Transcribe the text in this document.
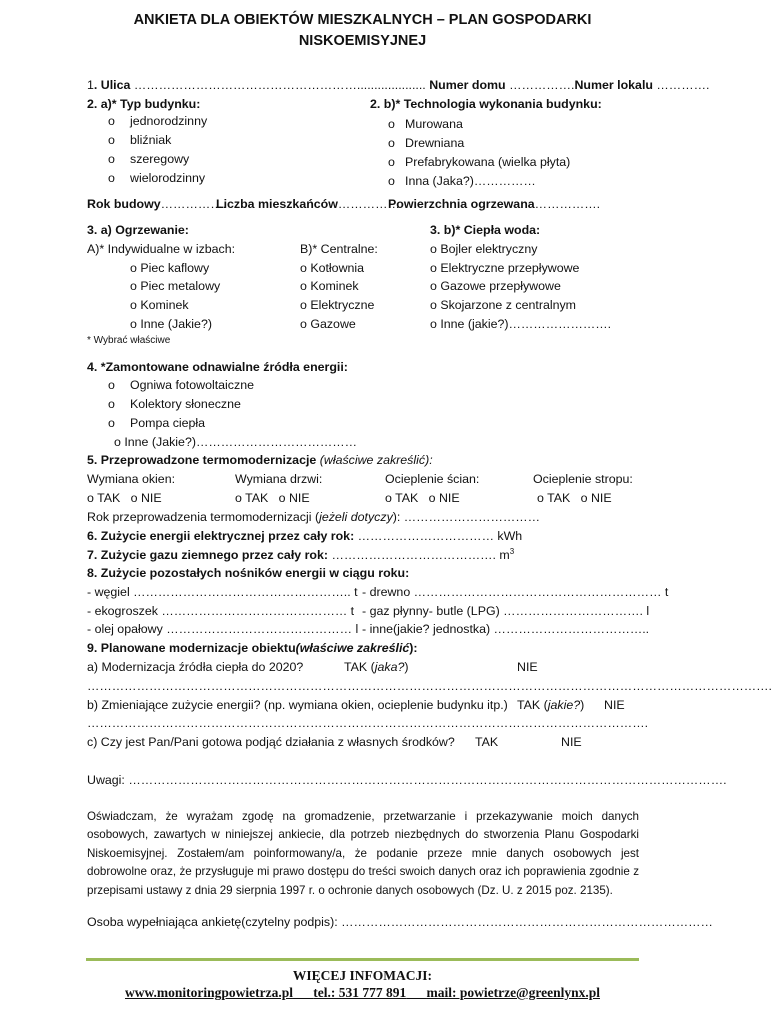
ANKIETA DLA OBIEKTÓW MIESZKALNYCH – PLAN GOSPODARKI
NISKOEMISYJNEJ
1. Ulica ……………………………………………….................... Numer domu …………….Numer lokalu ………….
2. a)* Typ budynku:
o jednorodzinny
o bliźniak
o szeregowy
o wielorodzinny
2. b)* Technologia wykonania budynku:
o Murowana
o Drewniana
o Prefabrykowana (wielka płyta)
o Inna (Jaka?)……………
Rok budowy…………….
Liczba mieszkańców……………
Powierzchnia ogrzewana…………….
3. a) Ogrzewanie:
A)* Indywidualne w izbach:
o Piec kaflowy
o Piec metalowy
o Kominek
o Inne (Jakie?)
B)* Centralne:
o Kotłownia
o Kominek
o Elektryczne
o Gazowe
* Wybrać właściwe
3. b)* Ciepła woda:
o Bojler elektryczny
o Elektryczne przepływowe
o Gazowe przepływowe
o Skojarzone z centralnym
o Inne (jakie?)…………………….
4. *Zamontowane odnawialne źródła energii:
o Ogniwa fotowoltaiczne
o Kolektory słoneczne
o Pompa ciepła
o Inne (Jakie?)…………………………………
5. Przeprowadzone termomodernizacje (właściwe zakreślić):
Wymiana okien:	Wymiana drzwi:	Ocieplenie ścian:	Ocieplenie stropu:
o TAK   o NIE	o TAK   o NIE	o TAK   o NIE	o TAK   o NIE
Rok przeprowadzenia termomodernizacji (jeżeli dotyczy): ……………………………
6. Zużycie energii elektrycznej przez cały rok: …………………………… kWh
7. Zużycie gazu ziemnego przez cały rok: …………………………………. $m^3$
8. Zużycie pozostałych nośników energii w ciągu roku:
- węgiel …………………………………………….. t
- ekogroszek ……………………………………… t
- olej opałowy ……………………………………… l
- drewno …………………………………………………… t
- gaz płynny- butle (LPG) ……………………………. l
- inne(jakie? jednostka) ………………………………..
9. Planowane modernizacje obiektu(właściwe zakreślić):
a) Modernizacja źródła ciepła do 2020?	TAK (jaka?)	NIE
………………………………………………………………………………………………………………………………………………….
b) Zmieniające zużycie energii? (np. wymiana okien, ocieplenie budynku itp.) TAK (jakie?) NIE
……………………………………………………………………………………………………………………….
c) Czy jest Pan/Pani gotowa podjąć działania z własnych środków? TAK	NIE
Uwagi: ……………………………………………………………………………………………………………………………….
Oświadczam, że wyrażam zgodę na gromadzenie, przetwarzanie i przekazywanie moich danych osobowych, zawartych w niniejszej ankiecie, dla potrzeb niezbędnych do stworzenia Planu Gospodarki Niskoemisyjnej. Zostałem/am poinformowany/a, że podanie przeze mnie danych osobowych jest dobrowolne oraz, że przysługuje mi prawo dostępu do treści swoich danych oraz ich poprawienia zgodnie z przepisami ustawy z dnia 29 sierpnia 1997 r. o ochronie danych osobowych (Dz. U. z 2015 poz. 2135).
Osoba wypełniająca ankietę(czytelny podpis): ………………………………………………………………………………
WIĘCEJ INFOMACJI:
www.monitoringpowietrza.pl tel.: 531 777 891 mail: powietrze@greenlynx.pl
